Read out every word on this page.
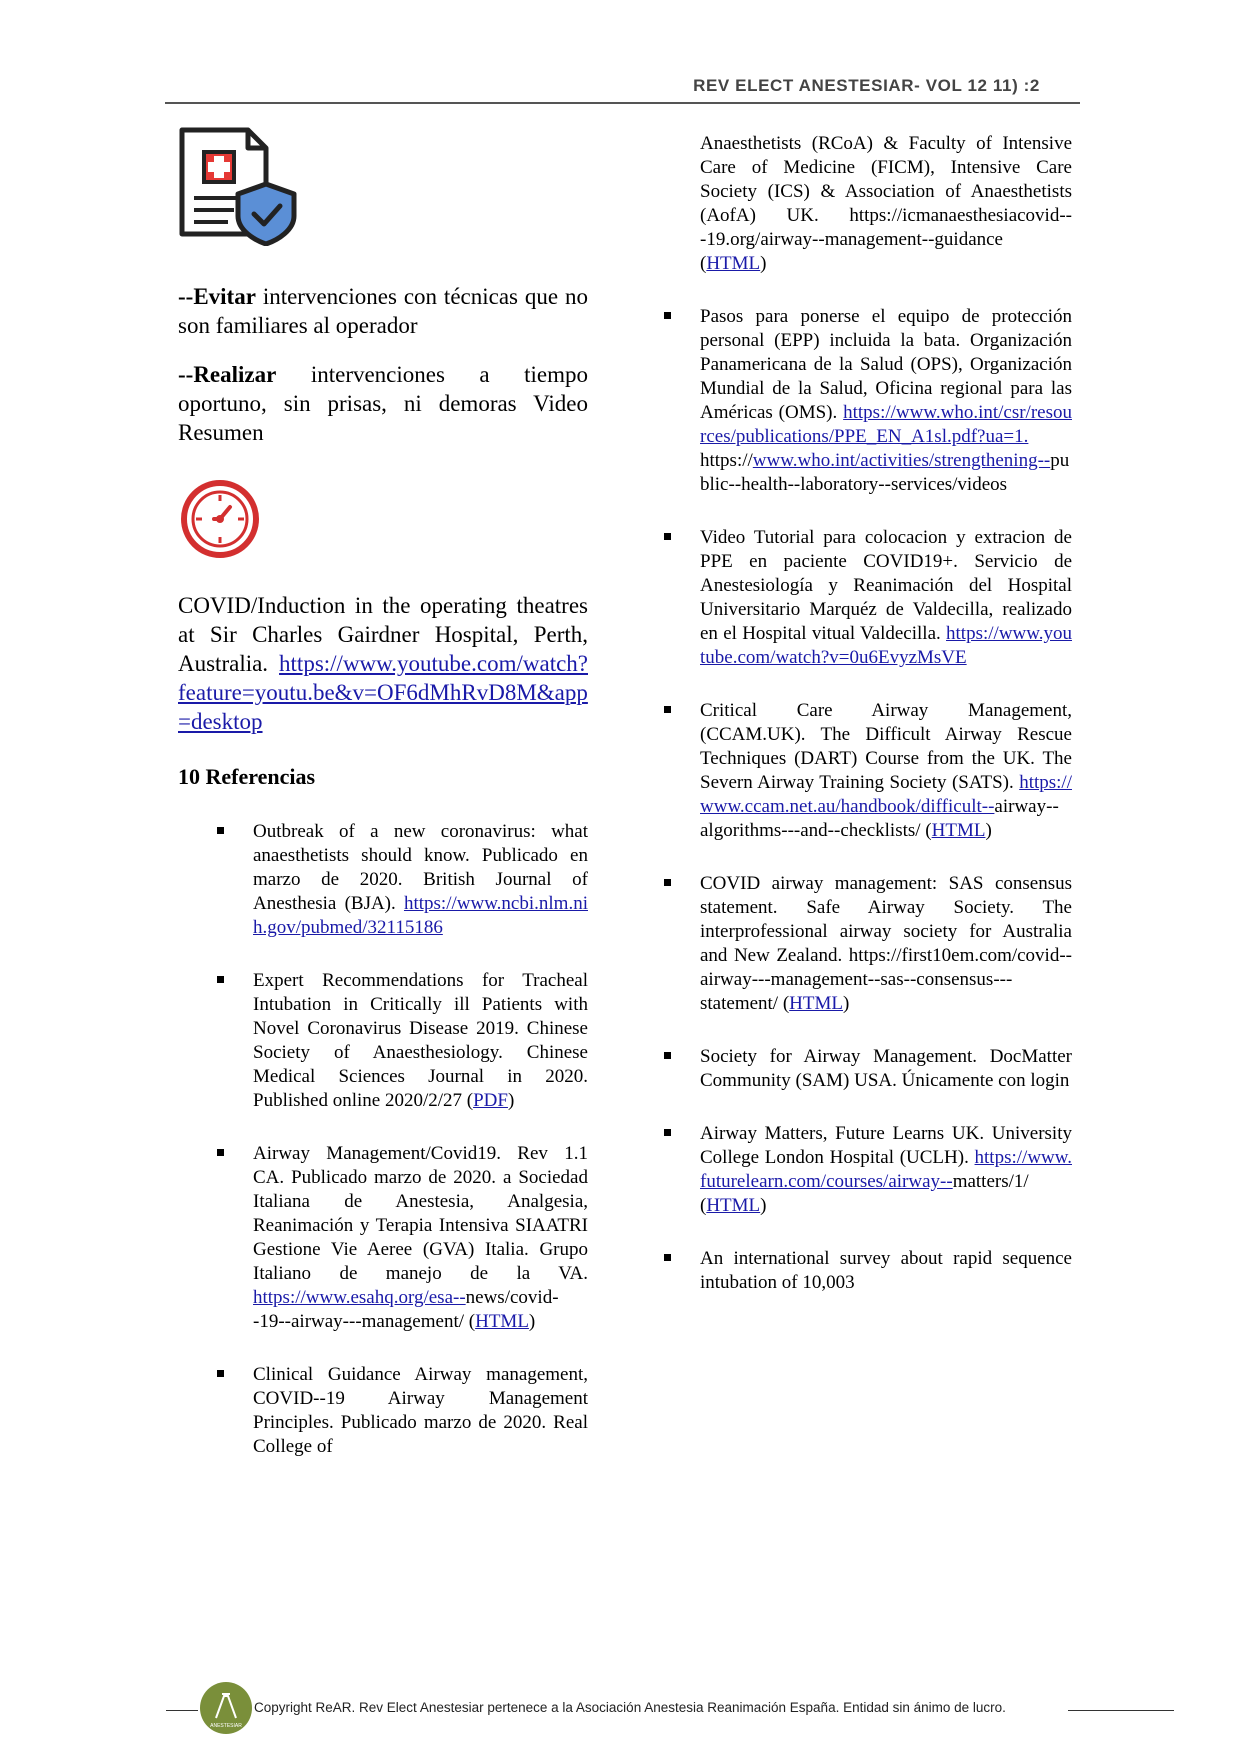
REV ELECT ANESTESIAR- VOL 12 11) :2
--Evitar intervenciones con técnicas que no son familiares al operador
--Realizar intervenciones a tiempo oportuno, sin prisas, ni demoras Video Resumen
COVID/Induction in the operating theatres at Sir Charles Gairdner Hospital, Perth, Australia. https://www.youtube.com/watch?feature=youtu.be&v=OF6dMhRvD8M&app=desktop
10 Referencias
Outbreak of a new coronavirus: what anaesthetists should know. Publicado en marzo de 2020. British Journal of Anesthesia (BJA). https://www.ncbi.nlm.nih.gov/pubmed/32115186
Expert Recommendations for Tracheal Intubation in Critically ill Patients with Novel Coronavirus Disease 2019. Chinese Society of Anaesthesiology. Chinese Medical Sciences Journal in 2020. Published online 2020/2/27 (PDF)
Airway Management/Covid19. Rev 1.1 CA. Publicado marzo de 2020. a Sociedad Italiana de Anestesia, Analgesia, Reanimación y Terapia Intensiva SIAATRI Gestione Vie Aeree (GVA) Italia. Grupo Italiano de manejo de la VA. https://www.esahq.org/esa--news/covid--19--airway---management/ (HTML)
Clinical Guidance Airway management, COVID--19 Airway Management Principles. Publicado marzo de 2020. Real College of
Anaesthetists (RCoA) & Faculty of Intensive Care of Medicine (FICM), Intensive Care Society (ICS) & Association of Anaesthetists (AofA) UK. https://icmanaesthesiacovid---19.org/airway--management--guidance (HTML)
Pasos para ponerse el equipo de protección personal (EPP) incluida la bata. Organización Panamericana de la Salud (OPS), Organización Mundial de la Salud, Oficina regional para las Américas (OMS). https://www.who.int/csr/resources/publications/PPE_EN_A1sl.pdf?ua=1. https://www.who.int/activities/strengthening--public--health--laboratory--services/videos
Video Tutorial para colocacion y extracion de PPE en paciente COVID19+. Servicio de Anestesiología y Reanimación del Hospital Universitario Marquéz de Valdecilla, realizado en el Hospital vitual Valdecilla. https://www.youtube.com/watch?v=0u6EvyzMsVE
Critical Care Airway Management, (CCAM.UK). The Difficult Airway Rescue Techniques (DART) Course from the UK. The Severn Airway Training Society (SATS). https://www.ccam.net.au/handbook/difficult--airway--algorithms---and--checklists/ (HTML)
COVID airway management: SAS consensus statement. Safe Airway Society. The interprofessional airway society for Australia and New Zealand. https://first10em.com/covid--airway---management--sas--consensus---statement/ (HTML)
Society for Airway Management. DocMatter Community (SAM) USA. Únicamente con login
Airway Matters, Future Learns UK. University College London Hospital (UCLH). https://www.futurelearn.com/courses/airway--matters/1/ (HTML)
An international survey about rapid sequence intubation of 10,003
ANESTESIAR
Copyright ReAR. Rev Elect Anestesiar pertenece a la Asociación Anestesia Reanimación España. Entidad sin ánimo de lucro.
